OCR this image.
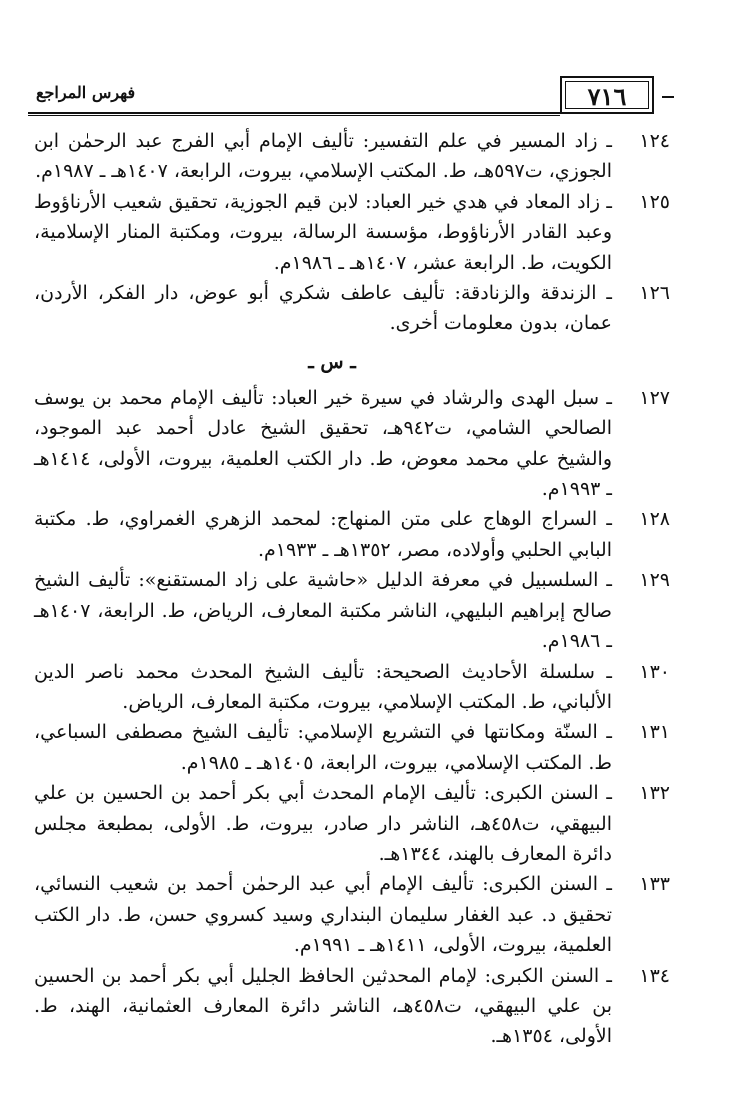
٧١٦
فهرس المراجع
١٢٤
ـ زاد المسير في علم التفسير: تأليف الإمام أبي الفرج عبد الرحمٰن ابن الجوزي، ت٥٩٧هـ، ط. المكتب الإسلامي، بيروت، الرابعة، ١٤٠٧هـ ـ ١٩٨٧م.
١٢٥
ـ زاد المعاد في هدي خير العباد: لابن قيم الجوزية، تحقيق شعيب الأرناؤوط وعبد القادر الأرناؤوط، مؤسسة الرسالة، بيروت، ومكتبة المنار الإسلامية، الكويت، ط. الرابعة عشر، ١٤٠٧هـ ـ ١٩٨٦م.
١٢٦
ـ الزندقة والزنادقة: تأليف عاطف شكري أبو عوض، دار الفكر، الأردن، عمان، بدون معلومات أخرى.
ـ س ـ
١٢٧
ـ سبل الهدى والرشاد في سيرة خير العباد: تأليف الإمام محمد بن يوسف الصالحي الشامي، ت٩٤٢هـ، تحقيق الشيخ عادل أحمد عبد الموجود، والشيخ علي محمد معوض، ط. دار الكتب العلمية، بيروت، الأولى، ١٤١٤هـ ـ ١٩٩٣م.
١٢٨
ـ السراج الوهاج على متن المنهاج: لمحمد الزهري الغمراوي، ط. مكتبة البابي الحلبي وأولاده، مصر، ١٣٥٢هـ ـ ١٩٣٣م.
١٢٩
ـ السلسبيل في معرفة الدليل «حاشية على زاد المستقنع»: تأليف الشيخ صالح إبراهيم البليهي، الناشر مكتبة المعارف، الرياض، ط. الرابعة، ١٤٠٧هـ ـ ١٩٨٦م.
١٣٠
ـ سلسلة الأحاديث الصحيحة: تأليف الشيخ المحدث محمد ناصر الدين الألباني، ط. المكتب الإسلامي، بيروت، مكتبة المعارف، الرياض.
١٣١
ـ السنّة ومكانتها في التشريع الإسلامي: تأليف الشيخ مصطفى السباعي، ط. المكتب الإسلامي، بيروت، الرابعة، ١٤٠٥هـ ـ ١٩٨٥م.
١٣٢
ـ السنن الكبرى: تأليف الإمام المحدث أبي بكر أحمد بن الحسين بن علي البيهقي، ت٤٥٨هـ، الناشر دار صادر، بيروت، ط. الأولى، بمطبعة مجلس دائرة المعارف بالهند، ١٣٤٤هـ.
١٣٣
ـ السنن الكبرى: تأليف الإمام أبي عبد الرحمٰن أحمد بن شعيب النسائي، تحقيق د. عبد الغفار سليمان البنداري وسيد كسروي حسن، ط. دار الكتب العلمية، بيروت، الأولى، ١٤١١هـ ـ ١٩٩١م.
١٣٤
ـ السنن الكبرى: لإمام المحدثين الحافظ الجليل أبي بكر أحمد بن الحسين بن علي البيهقي، ت٤٥٨هـ، الناشر دائرة المعارف العثمانية، الهند، ط. الأولى، ١٣٥٤هـ.
